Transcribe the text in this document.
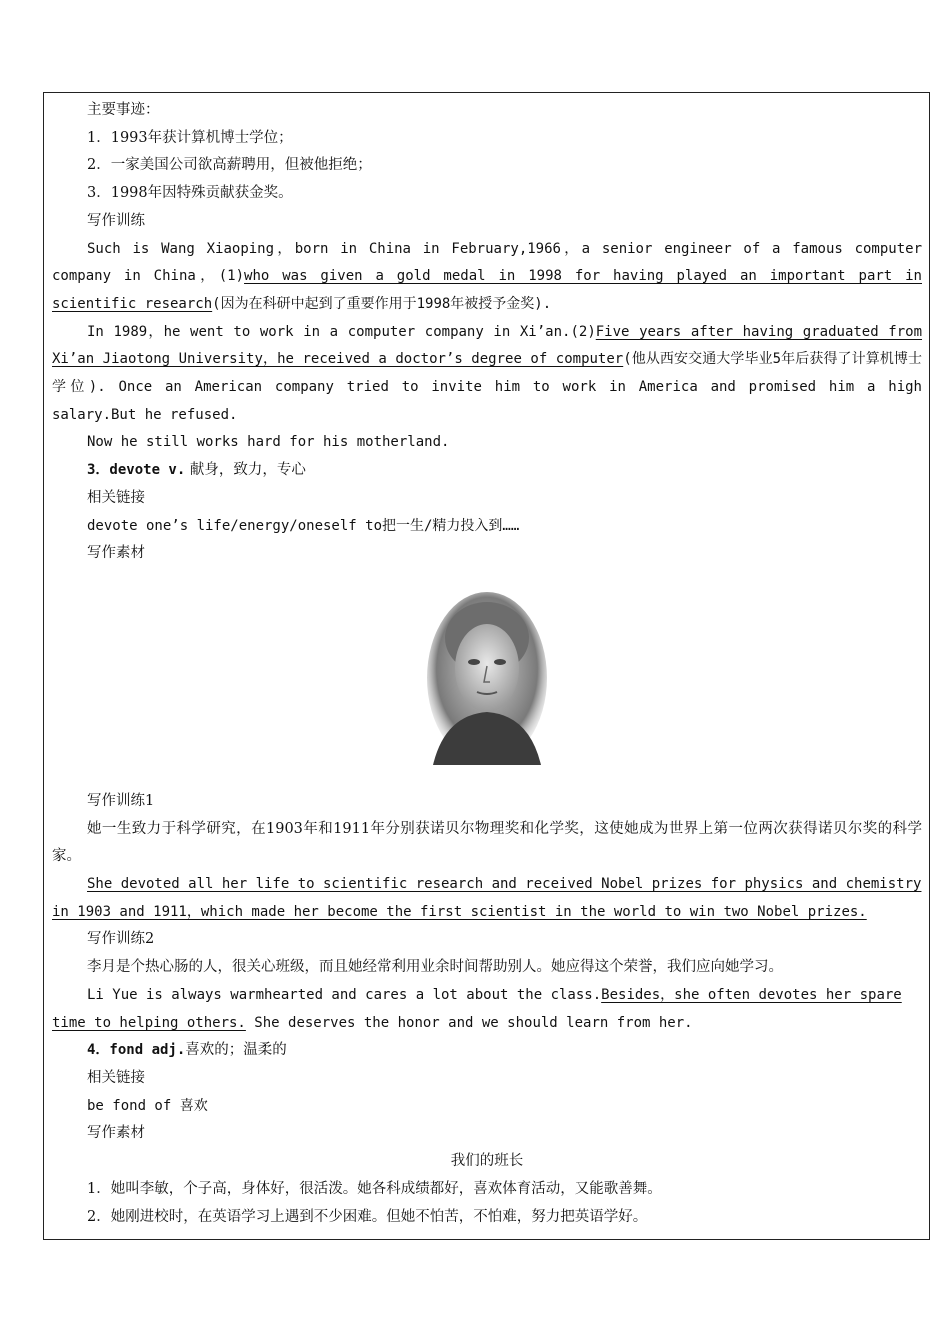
主要事迹：

1．1993年获计算机博士学位；

2．一家美国公司欲高薪聘用，但被他拒绝；

3．1998年因特殊贡献获金奖。

写作训练

Such is Wang Xiaoping，born in China in February,1966，a senior engineer of a famous computer company in China，(1)who was given a gold medal in 1998 for having played an important part in scientific research(因为在科研中起到了重要作用于1998年被授予金奖).

In 1989，he went to work in a computer company in Xi’an.(2)Five years after having graduated from Xi’an Jiaotong University，he received a doctor’s degree of computer(他从西安交通大学毕业5年后获得了计算机博士学位). Once an American company tried to invite him to work in America and promised him a high salary.But he refused.

Now he still works hard for his motherland.

3．devote v. 献身，致力，专心

相关链接

devote one’s life/energy/oneself to把一生/精力投入到……

写作素材

写作训练1

她一生致力于科学研究，在1903年和1911年分别获诺贝尔物理奖和化学奖，这使她成为世界上第一位两次获得诺贝尔奖的科学家。

She devoted all her life to scientific research and received Nobel prizes for physics and chemistry in 1903 and 1911，which made her become the first scientist in the world to win two Nobel prizes.

写作训练2

李月是个热心肠的人，很关心班级，而且她经常利用业余时间帮助别人。她应得这个荣誉，我们应向她学习。

Li Yue is always warmhearted and cares a lot about the class.Besides，she often devotes her spare time to helping others. She deserves the honor and we should learn from her.

4．fond adj.喜欢的；温柔的

相关链接

be fond of 喜欢

写作素材

我们的班长

1．她叫李敏，个子高，身体好，很活泼。她各科成绩都好，喜欢体育活动，又能歌善舞。

2．她刚进校时，在英语学习上遇到不少困难。但她不怕苦，不怕难，努力把英语学好。
